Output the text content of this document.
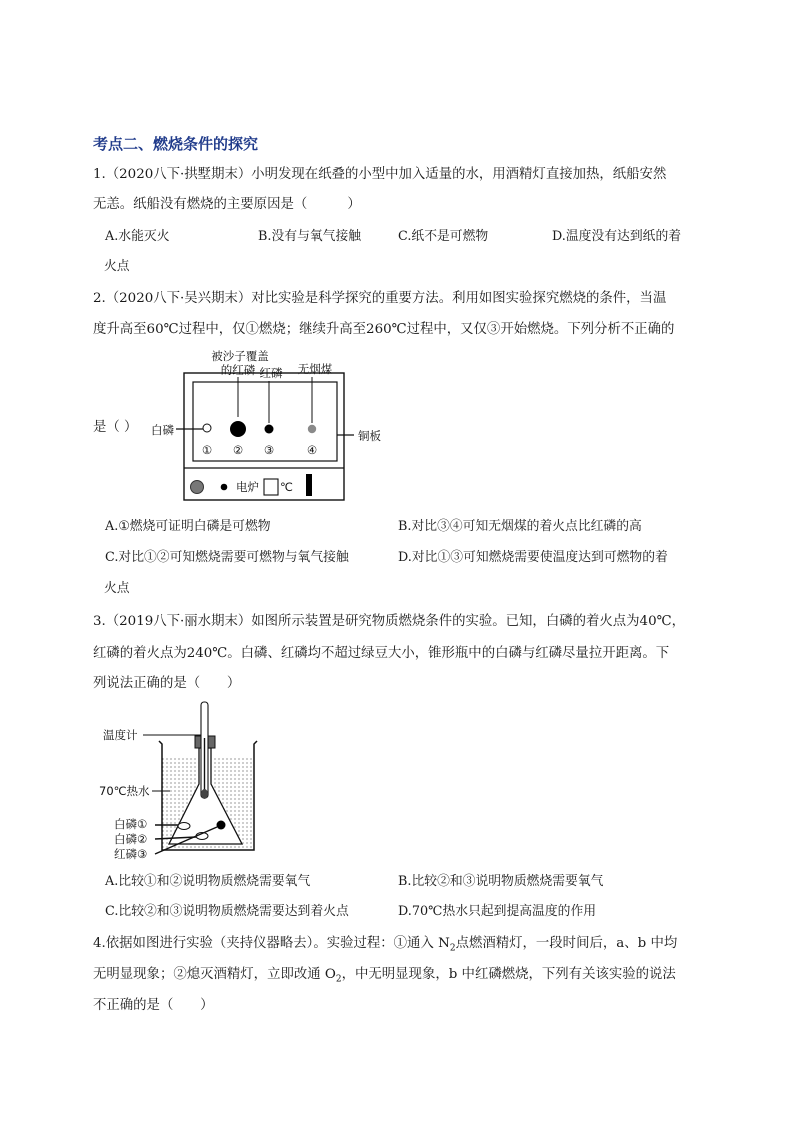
考点二、燃烧条件的探究
1.（2020八下·拱墅期末）小明发现在纸叠的小型中加入适量的水，用酒精灯直接加热，纸船安然
无恙。纸船没有燃烧的主要原因是（　　　）
A.水能灭火	B.没有与氧气接触	C.纸不是可燃物	D.温度没有达到纸的着
火点
2.（2020八下·吴兴期末）对比实验是科学探究的重要方法。利用如图实验探究燃烧的条件，当温
度升高至60℃过程中，仅①燃烧；继续升高至260℃过程中，又仅③开始燃烧。下列分析不正确的
是（ ）
被沙子覆盖
的红磷 红磷 无烟煤
白磷	铜板
① ② ③	④
电炉 ℃
A.①燃烧可证明白磷是可燃物	B.对比③④可知无烟煤的着火点比红磷的高
C.对比①②可知燃烧需要可燃物与氧气接触	D.对比①③可知燃烧需要使温度达到可燃物的着
火点
3.（2019八下·丽水期末）如图所示装置是研究物质燃烧条件的实验。已知，白磷的着火点为40℃，
红磷的着火点为240℃。白磷、红磷均不超过绿豆大小，锥形瓶中的白磷与红磷尽量拉开距离。下
列说法正确的是（　　）
温度计
70℃热水
白磷①
白磷②
红磷③
A.比较①和②说明物质燃烧需要氧气	B.比较②和③说明物质燃烧需要氧气
C.比较②和③说明物质燃烧需要达到着火点	D.70℃热水只起到提高温度的作用
4.依据如图进行实验（夹持仪器略去）。实验过程：①通入 $N_2$点燃酒精灯，一段时间后，a、b 中均
无明显现象；②熄灭酒精灯，立即改通 $O_2$，中无明显现象，b 中红磷燃烧，下列有关该实验的说法
不正确的是（　　）
